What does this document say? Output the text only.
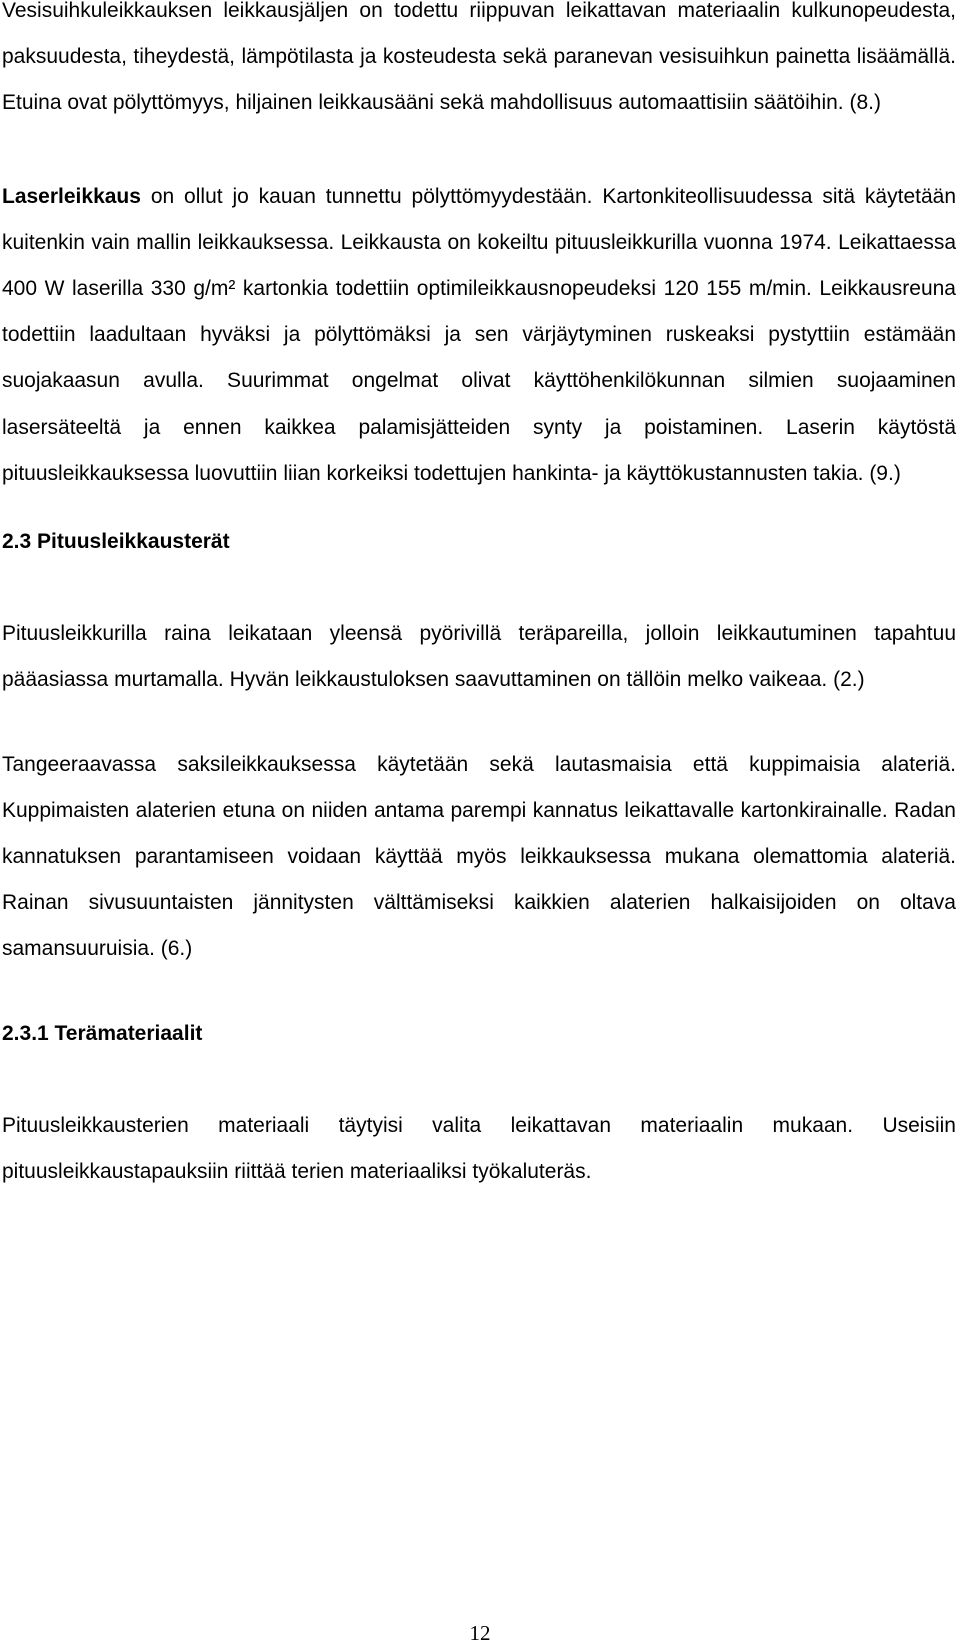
Vesisuihkuleikkauksen leikkausjäljen on todettu riippuvan leikattavan materiaalin kulkunopeudesta, paksuudesta, tiheydestä, lämpötilasta ja kosteudesta sekä paranevan vesisuihkun painetta lisäämällä. Etuina ovat pölyttömyys, hiljainen leikkausääni sekä mahdollisuus automaattisiin säätöihin. (8.)

Laserleikkaus on ollut jo kauan tunnettu pölyttömyydestään. Kartonkiteollisuudessa sitä käytetään kuitenkin vain mallin leikkauksessa. Leikkausta on kokeiltu pituusleikkurilla vuonna 1974. Leikattaessa 400 W laserilla 330 g/m² kartonkia todettiin optimileikkausnopeudeksi 120 155 m/min. Leikkausreuna todettiin laadultaan hyväksi ja pölyttömäksi ja sen värjäytyminen ruskeaksi pystyttiin estämään suojakaasun avulla. Suurimmat ongelmat olivat käyttöhenkilökunnan silmien suojaaminen lasersäteeltä ja ennen kaikkea palamisjätteiden synty ja poistaminen. Laserin käytöstä pituusleikkauksessa luovuttiin liian korkeiksi todettujen hankinta- ja käyttökustannusten takia. (9.)

2.3 Pituusleikkausterät

Pituusleikkurilla raina leikataan yleensä pyörivillä teräpareilla, jolloin leikkautuminen tapahtuu pääasiassa murtamalla. Hyvän leikkaustuloksen saavuttaminen on tällöin melko vaikeaa. (2.)

Tangeeraavassa saksileikkauksessa käytetään sekä lautasmaisia että kuppimaisia alateriä. Kuppimaisten alaterien etuna on niiden antama parempi kannatus leikattavalle kartonkirainalle. Radan kannatuksen parantamiseen voidaan käyttää myös leikkauksessa mukana olemattomia alateriä. Rainan sivusuuntaisten jännitysten välttämiseksi kaikkien alaterien halkaisijoiden on oltava samansuuruisia. (6.)

2.3.1 Terämateriaalit

Pituusleikkausterien materiaali täytyisi valita leikattavan materiaalin mukaan. Useisiin pituusleikkaustapauksiin riittää terien materiaaliksi työkaluteräs.

12
